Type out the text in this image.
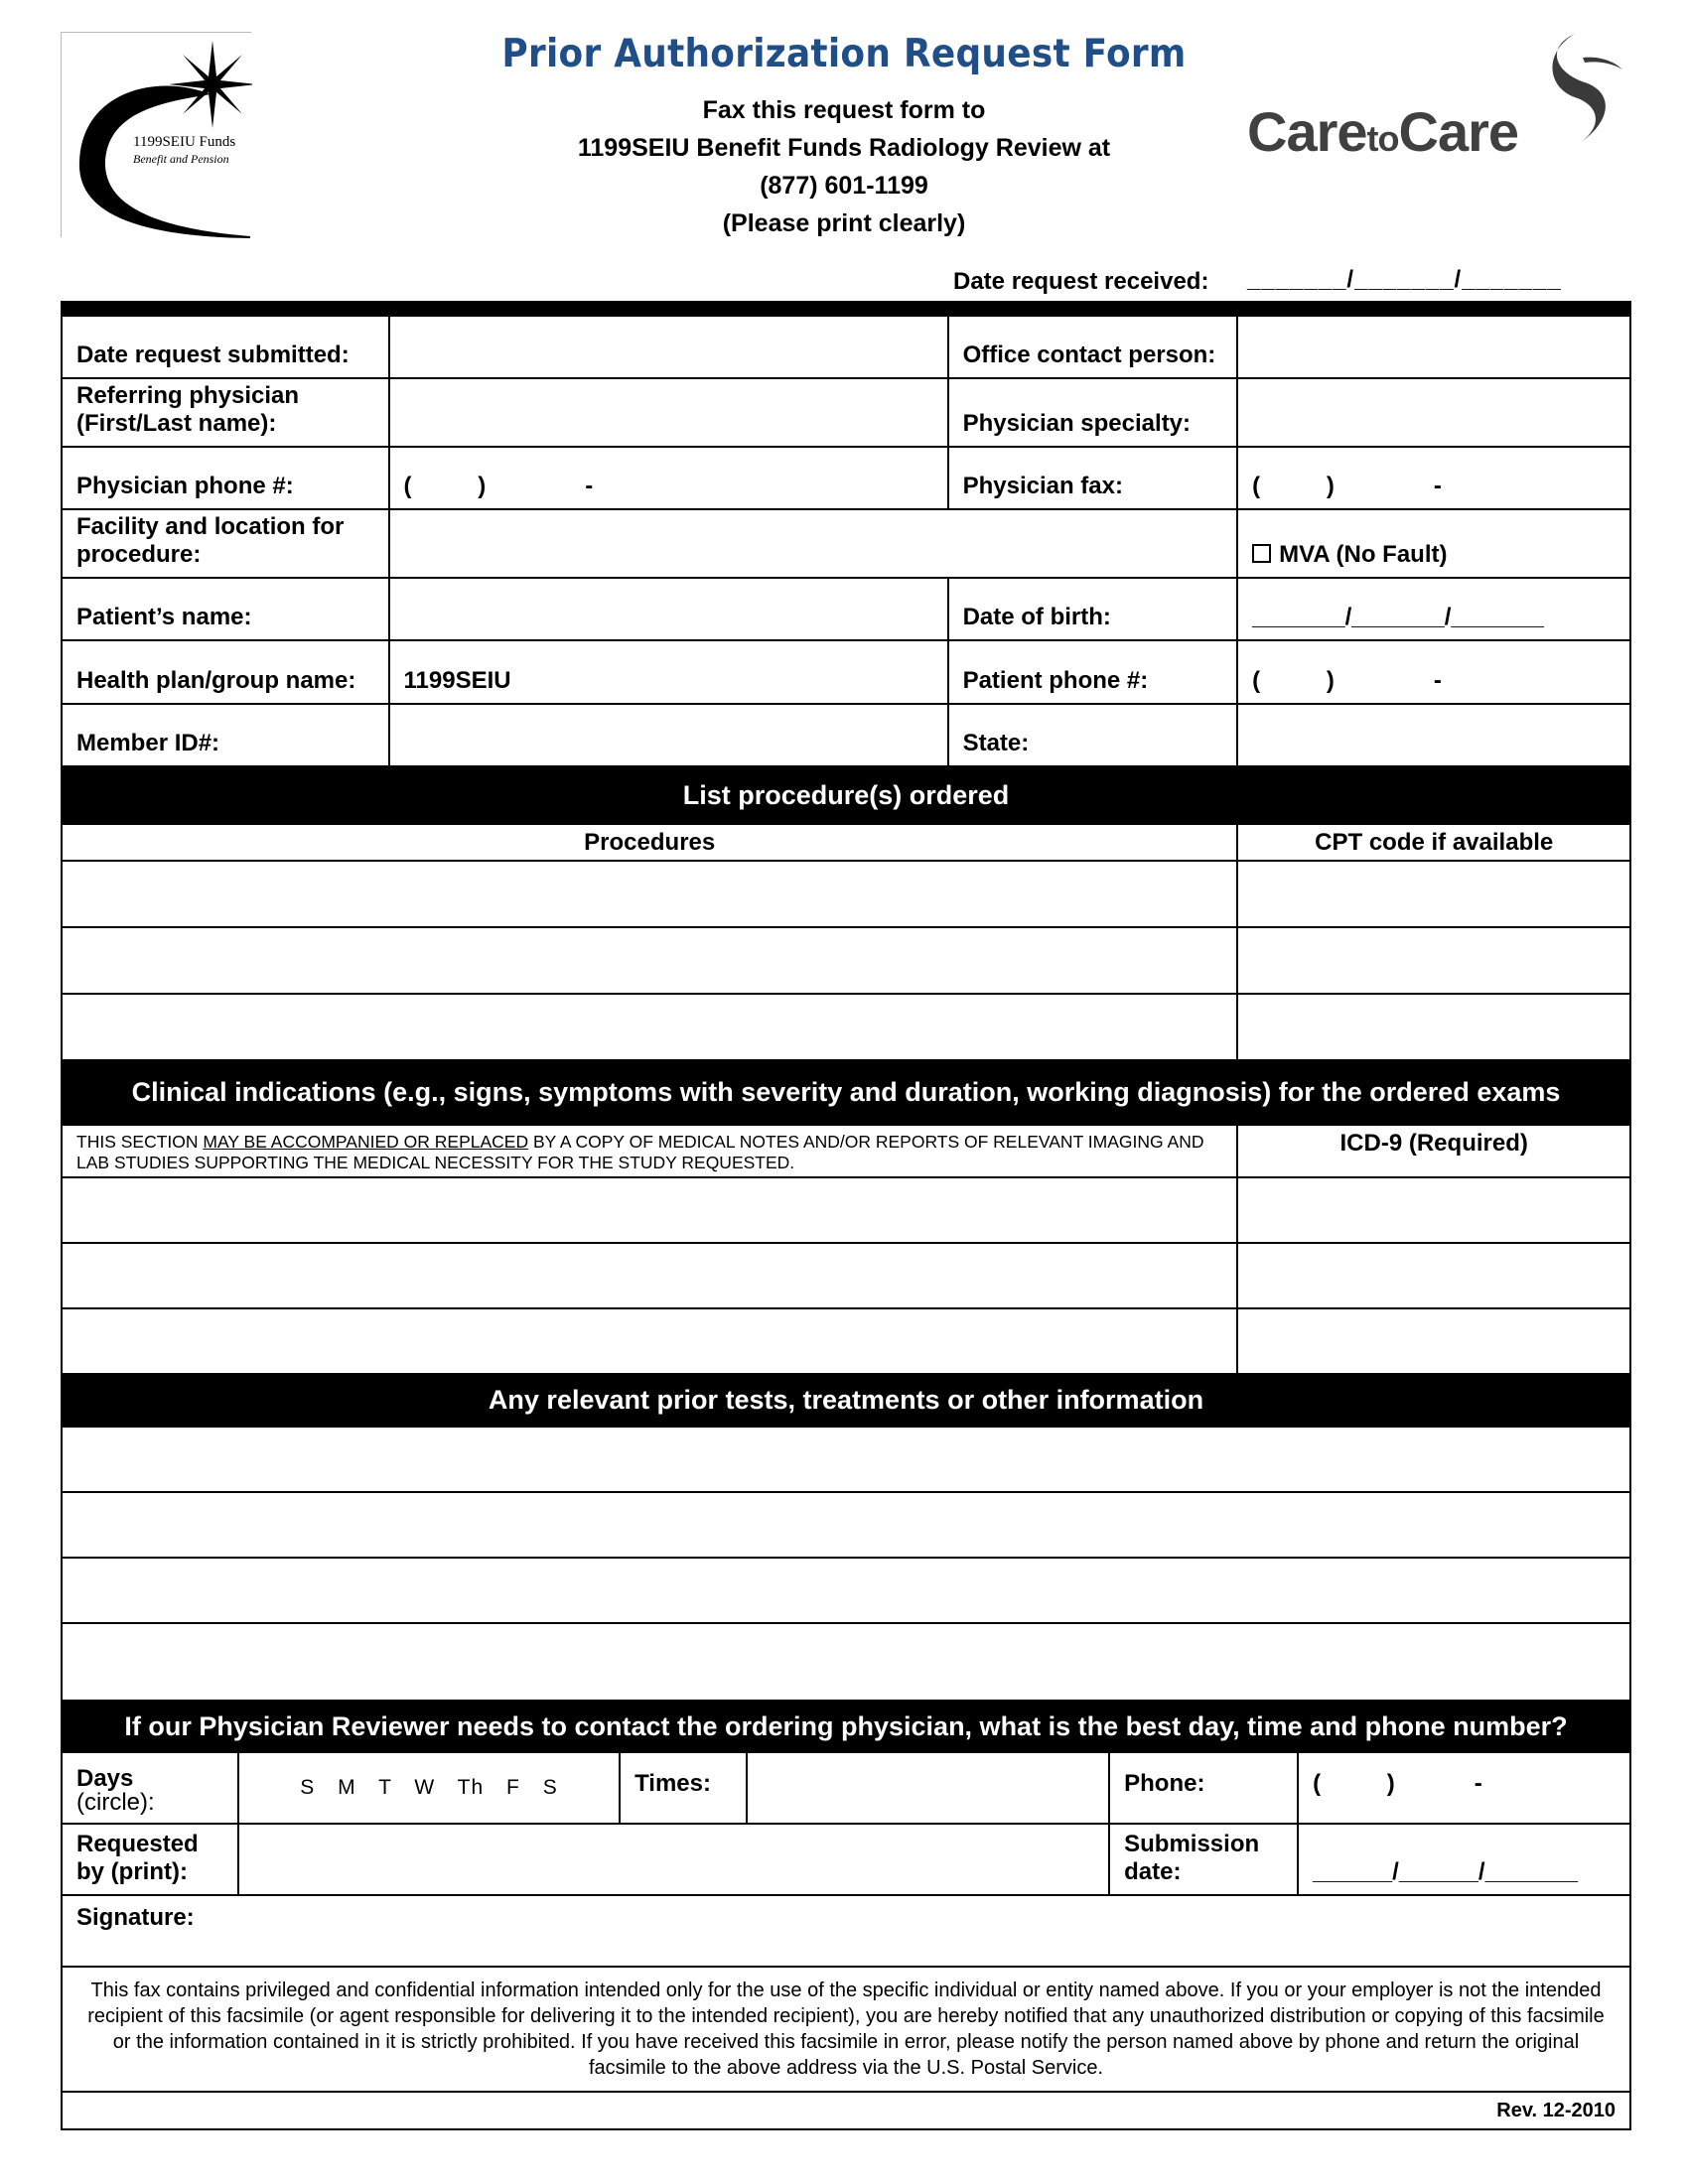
1199SEIU Funds
Benefit and Pension
Prior Authorization Request Form
Fax this request form to
1199SEIU Benefit Funds Radiology Review at
(877) 601-1199
(Please print clearly)
CaretoCare
Date request received: _______/_______/_______
Date request submitted:		Office contact person:	
Referring physician (First/Last name):		Physician specialty:	
Physician phone #:	(          )               -	Physician fax:	(          )               -
Facility and location for procedure:			MVA (No Fault)
Patient’s name:		Date of birth:	_______/_______/_______
Health plan/group name:	1199SEIU	Patient phone #:	(          )               -
Member ID#:		State:	
List procedure(s) ordered	
Procedures	CPT code if available

Clinical indications (e.g., signs, symptoms with severity and duration, working diagnosis) for the ordered exams	
THIS SECTION MAY BE ACCOMPANIED OR REPLACED BY A COPY OF MEDICAL NOTES AND/OR REPORTS OF RELEVANT IMAGING AND LAB STUDIES SUPPORTING THE MEDICAL NECESSITY FOR THE STUDY REQUESTED.	ICD-9 (Required)

Any relevant prior tests, treatments or other information

If our Physician Reviewer needs to contact the ordering physician, what is the best day, time and phone number?					
Days
(circle):	S M T W Th F S	Times:		Phone:	(          )            -
Requested by (print):				Submission date:	______/______/_______
Signature:					
This fax contains privileged and confidential information intended only for the use of the specific individual or entity named above. If you or your employer is not the intended recipient of this facsimile (or agent responsible for delivering it to the intended recipient), you are hereby notified that any unauthorized distribution or copying of this facsimile or the information contained in it is strictly prohibited. If you have received this facsimile in error, please notify the person named above by phone and return the original facsimile to the above address via the U.S. Postal Service.					
Rev. 12-2010					
